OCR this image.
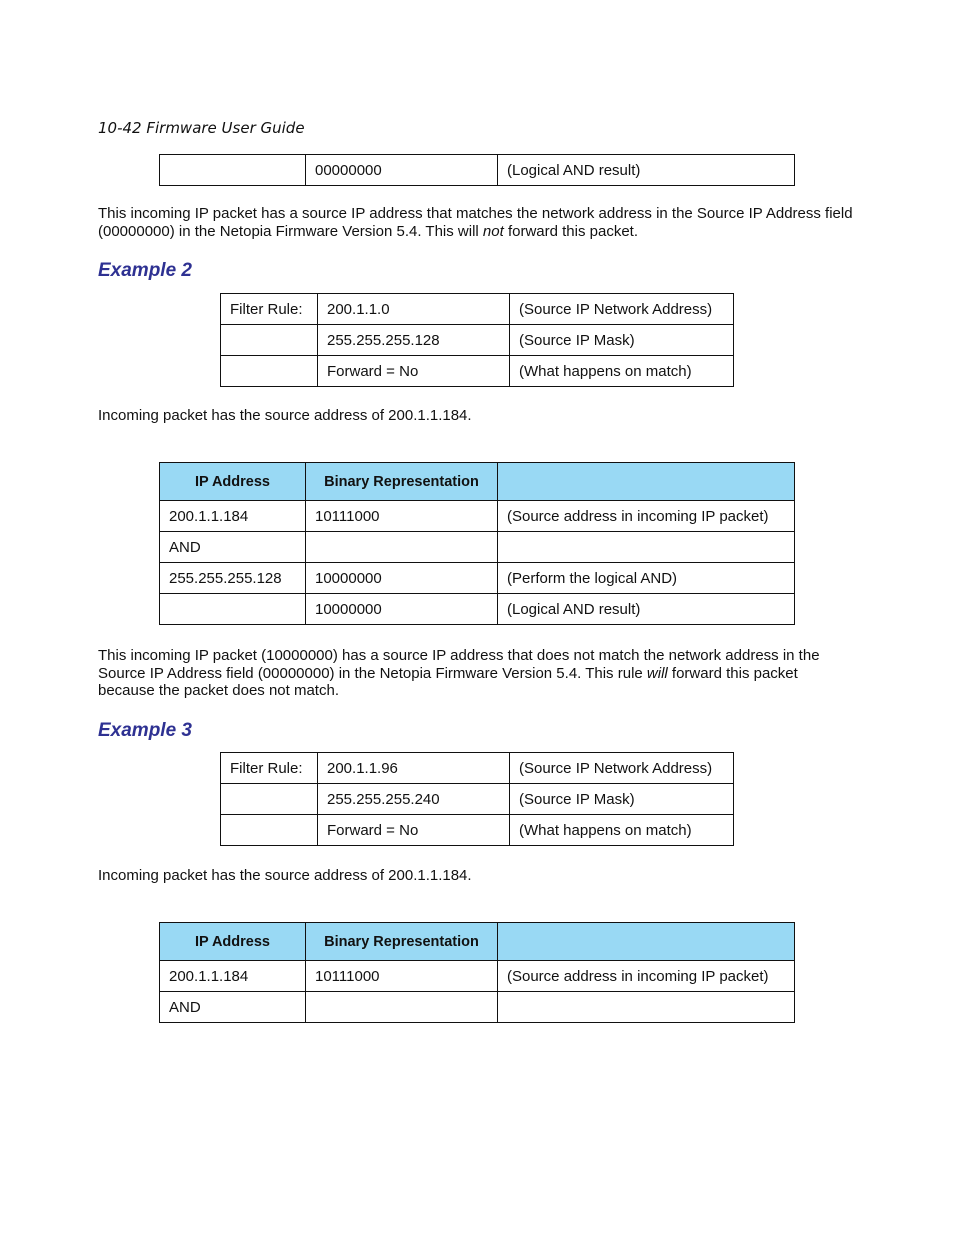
10-42 Firmware User Guide
	00000000	(Logical AND result)
This incoming IP packet has a source IP address that matches the network address in the Source IP Address field (00000000) in the Netopia Firmware Version 5.4. This will not forward this packet.
Example 2
Filter Rule:	200.1.1.0	(Source IP Network Address)
	255.255.255.128	(Source IP Mask)
	Forward = No	(What happens on match)
Incoming packet has the source address of 200.1.1.184.
IP Address	Binary Representation	
200.1.1.184	10111000	(Source address in incoming IP packet)
AND		
255.255.255.128	10000000	(Perform the logical AND)
	10000000	(Logical AND result)
This incoming IP packet (10000000) has a source IP address that does not match the network address in the Source IP Address field (00000000) in the Netopia Firmware Version 5.4. This rule will forward this packet because the packet does not match.
Example 3
Filter Rule:	200.1.1.96	(Source IP Network Address)
	255.255.255.240	(Source IP Mask)
	Forward = No	(What happens on match)
Incoming packet has the source address of 200.1.1.184.
IP Address	Binary Representation	
200.1.1.184	10111000	(Source address in incoming IP packet)
AND		
